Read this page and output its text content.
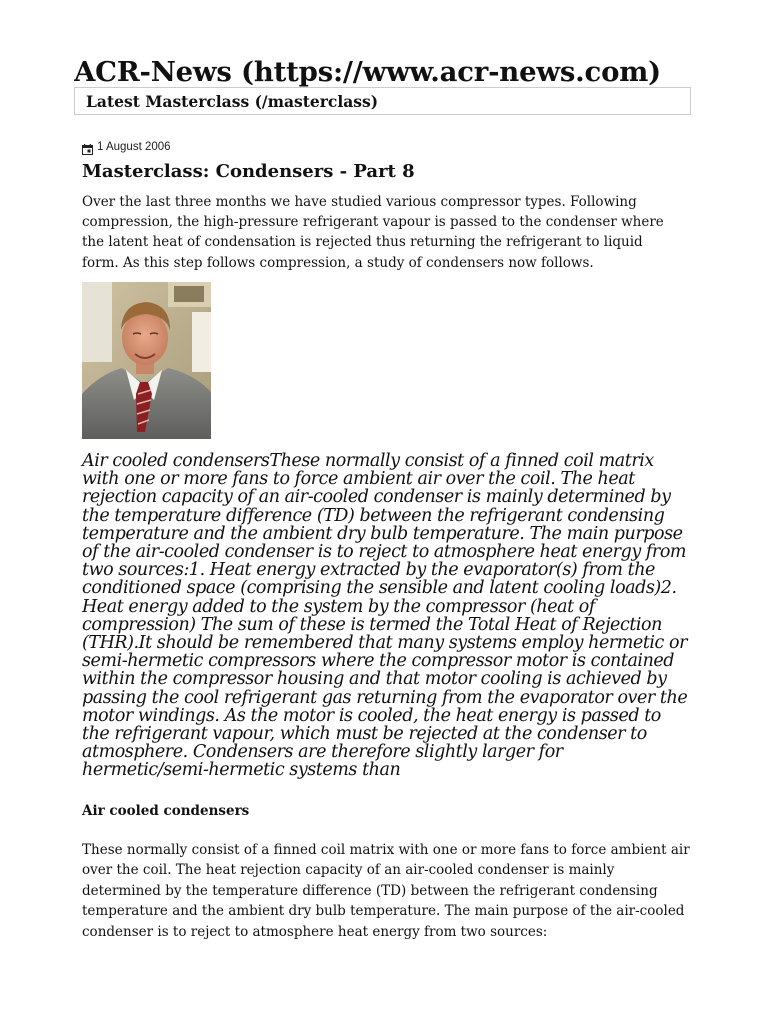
ACR-News (https://www.acr-news.com)
Latest Masterclass (/masterclass)
1 August 2006
Masterclass: Condensers - Part 8

Over the last three months we have studied various compressor types. Following compression, the high-pressure refrigerant vapour is passed to the condenser where the latent heat of condensation is rejected thus returning the refrigerant to liquid form. As this step follows compression, a study of condensers now follows.

Air cooled condensersThese normally consist of a finned coil matrix with one or more fans to force ambient air over the coil. The heat rejection capacity of an air-cooled condenser is mainly determined by the temperature difference (TD) between the refrigerant condensing temperature and the ambient dry bulb temperature. The main purpose of the air-cooled condenser is to reject to atmosphere heat energy from two sources:1. Heat energy extracted by the evaporator(s) from the conditioned space (comprising the sensible and latent cooling loads)2. Heat energy added to the system by the compressor (heat of compression) The sum of these is termed the Total Heat of Rejection (THR).It should be remembered that many systems employ hermetic or semi-hermetic compressors where the compressor motor is contained within the compressor housing and that motor cooling is achieved by passing the cool refrigerant gas returning from the evaporator over the motor windings. As the motor is cooled, the heat energy is passed to the refrigerant vapour, which must be rejected at the condenser to atmosphere. Condensers are therefore slightly larger for hermetic/semi-hermetic systems than

Air cooled condensers

These normally consist of a finned coil matrix with one or more fans to force ambient air over the coil. The heat rejection capacity of an air-cooled condenser is mainly determined by the temperature difference (TD) between the refrigerant condensing temperature and the ambient dry bulb temperature. The main purpose of the air-cooled condenser is to reject to atmosphere heat energy from two sources:
